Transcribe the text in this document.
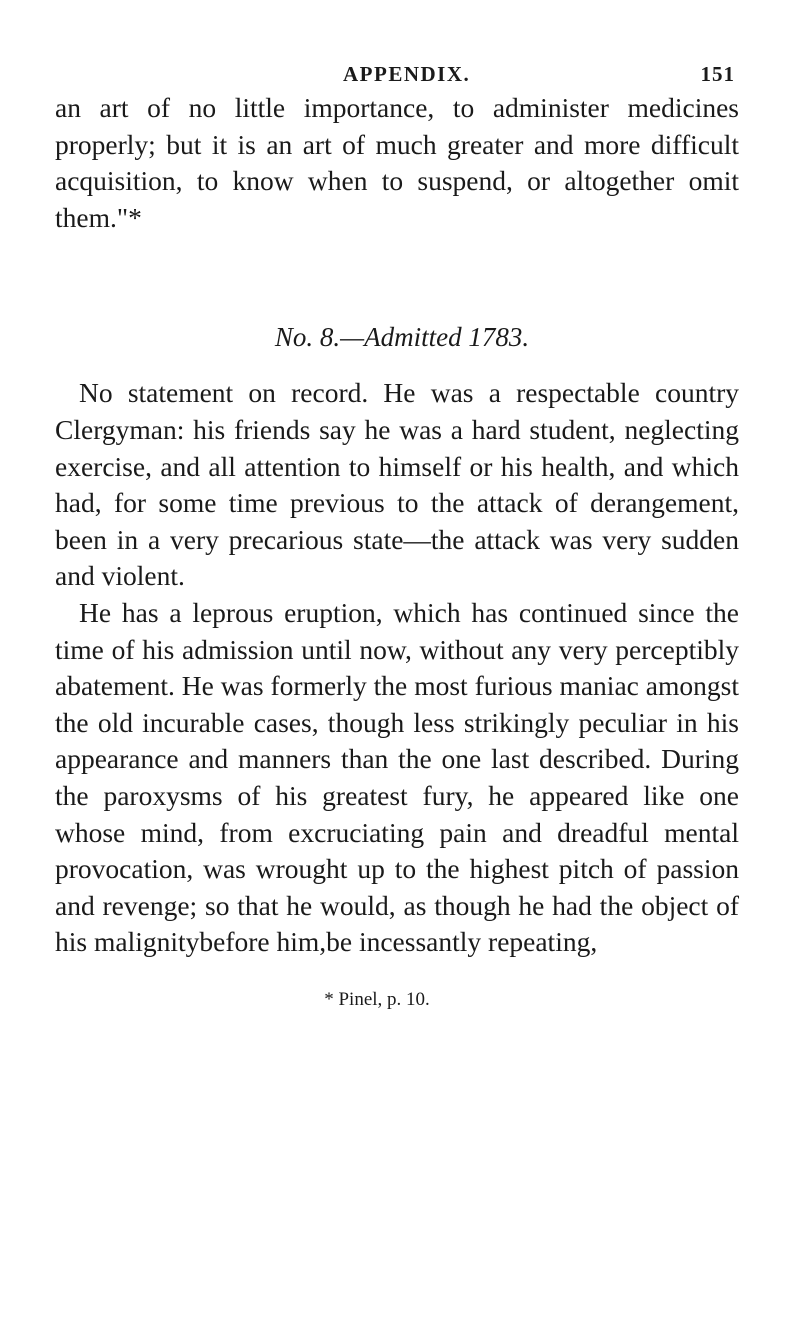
APPENDIX.	151

an art of no little importance, to administer medicines properly; but it is an art of much greater and more difficult acquisition, to know when to suspend, or altogether omit them."*

No. 8.—Admitted 1783.

No statement on record. He was a respectable country Clergyman: his friends say he was a hard student, neglecting exercise, and all attention to himself or his health, and which had, for some time previous to the attack of derangement, been in a very precarious state—the attack was very sudden and violent.

He has a leprous eruption, which has continued since the time of his admission until now, without any very perceptibly abatement. He was formerly the most furious maniac amongst the old incurable cases, though less strikingly peculiar in his appearance and manners than the one last described. During the paroxysms of his greatest fury, he appeared like one whose mind, from excruciating pain and dreadful mental provocation, was wrought up to the highest pitch of passion and revenge; so that he would, as though he had the object of his malignitybefore him,be incessantly repeating,

* Pinel, p. 10.
